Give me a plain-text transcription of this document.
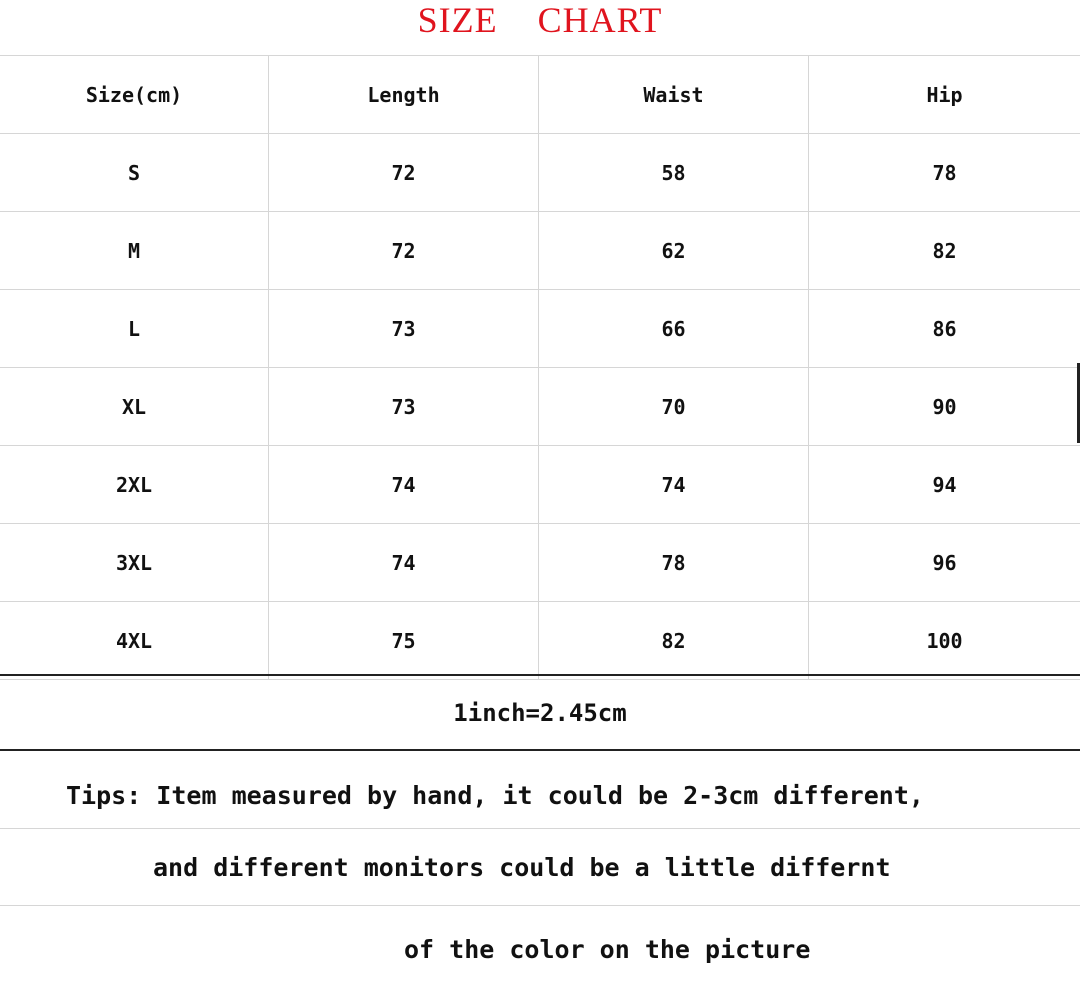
SIZE CHART
Size(cm)	Length	Waist	Hip
S	72	58	78
M	72	62	82
L	73	66	86
XL	73	70	90
2XL	74	74	94
3XL	74	78	96
4XL	75	82	100
1inch=2.45cm
Tips: Item measured by hand, it could be 2-3cm different,
and different monitors could be a little differnt
of the color on the picture
